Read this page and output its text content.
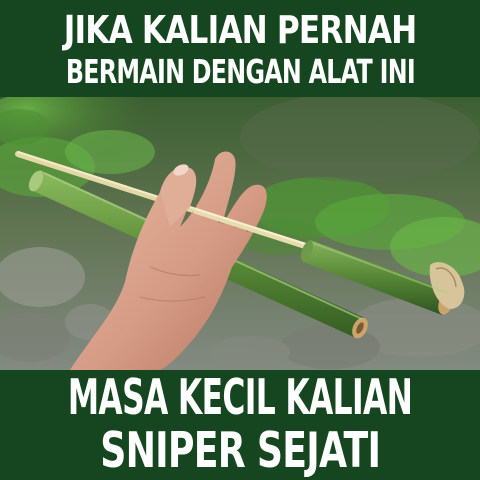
JIKA KALIAN PERNAH

BERMAIN DENGAN ALAT INI

MASA KECIL KALIAN

SNIPER SEJATI
